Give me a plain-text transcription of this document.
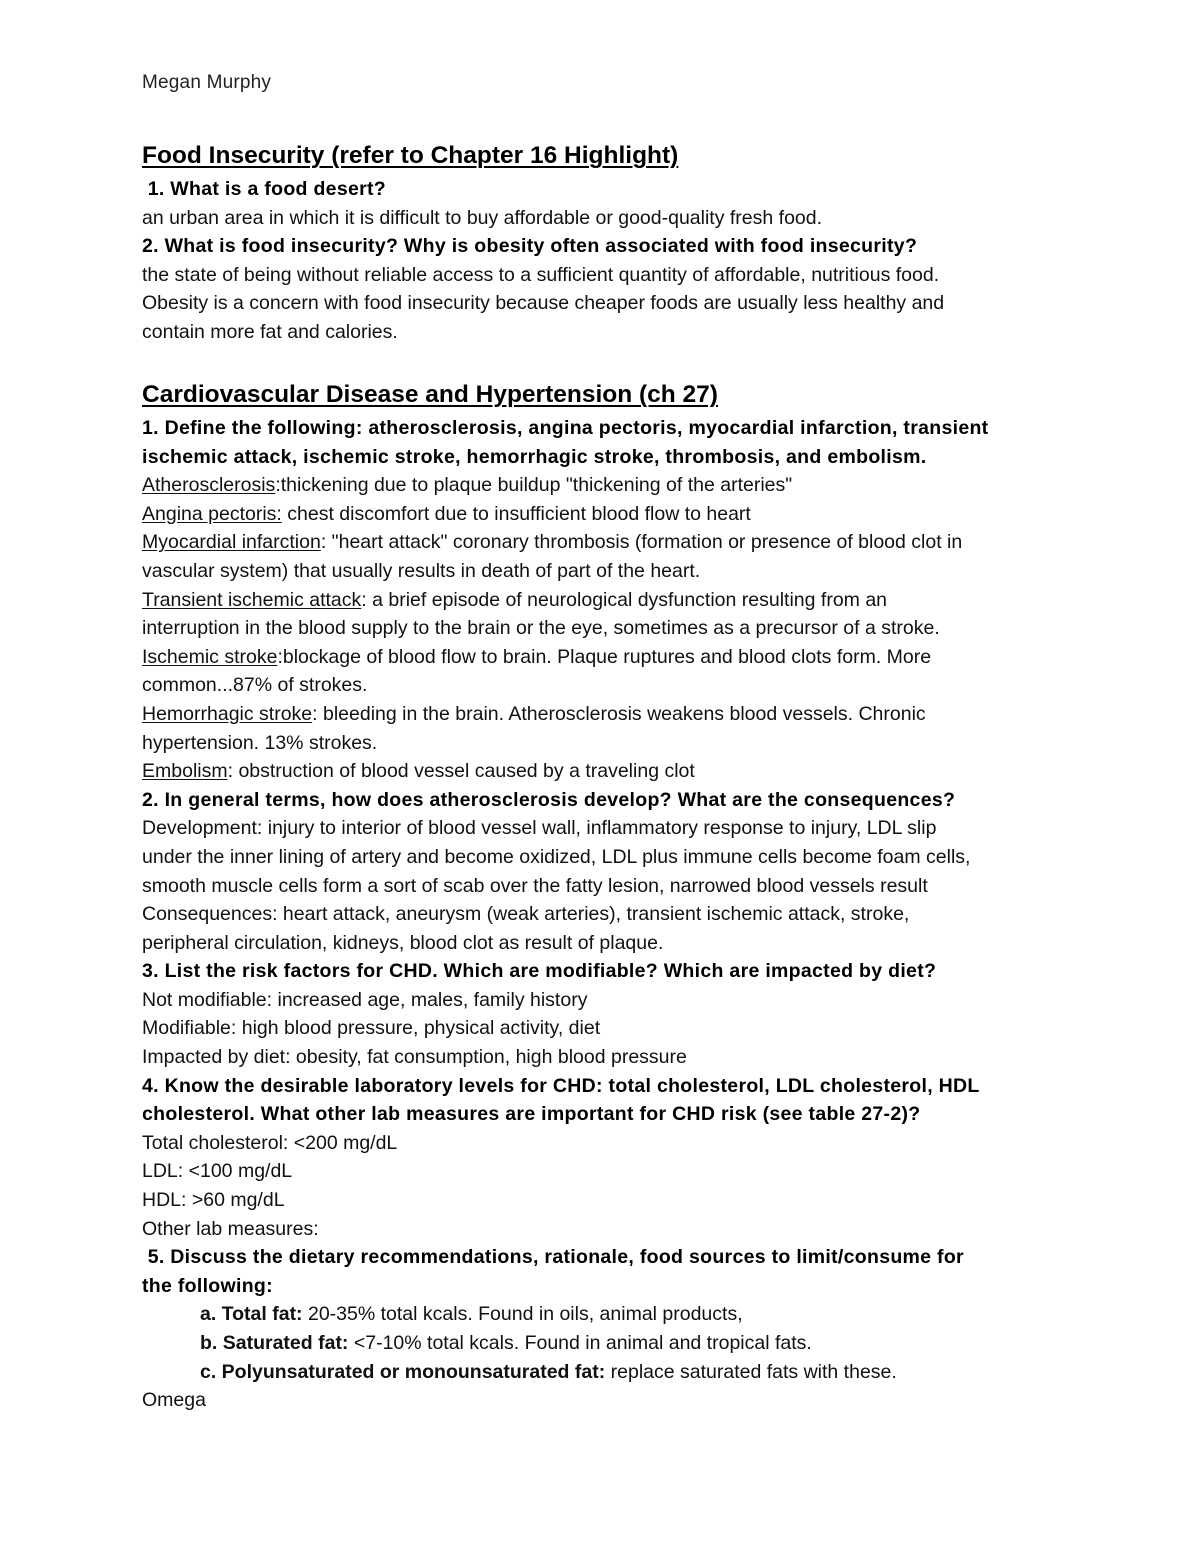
Megan Murphy
Food Insecurity (refer to Chapter 16 Highlight)
1. What is a food desert?
an urban area in which it is difficult to buy affordable or good-quality fresh food.
2. What is food insecurity? Why is obesity often associated with food insecurity?
the state of being without reliable access to a sufficient quantity of affordable, nutritious food.
Obesity is a concern with food insecurity because cheaper foods are usually less healthy and
contain more fat and calories.
Cardiovascular Disease and Hypertension (ch 27)
1. Define the following: atherosclerosis, angina pectoris, myocardial infarction, transient
ischemic attack, ischemic stroke, hemorrhagic stroke, thrombosis, and embolism.
Atherosclerosis:thickening due to plaque buildup "thickening of the arteries"
Angina pectoris: chest discomfort due to insufficient blood flow to heart
Myocardial infarction: "heart attack" coronary thrombosis (formation or presence of blood clot in
vascular system) that usually results in death of part of the heart.
Transient ischemic attack: a brief episode of neurological dysfunction resulting from an
interruption in the blood supply to the brain or the eye, sometimes as a precursor of a stroke.
Ischemic stroke:blockage of blood flow to brain. Plaque ruptures and blood clots form. More
common...87% of strokes.
Hemorrhagic stroke: bleeding in the brain. Atherosclerosis weakens blood vessels. Chronic
hypertension. 13% strokes.
Embolism: obstruction of blood vessel caused by a traveling clot
2. In general terms, how does atherosclerosis develop? What are the consequences?
Development: injury to interior of blood vessel wall, inflammatory response to injury, LDL slip
under the inner lining of artery and become oxidized, LDL plus immune cells become foam cells,
smooth muscle cells form a sort of scab over the fatty lesion, narrowed blood vessels result
Consequences: heart attack, aneurysm (weak arteries), transient ischemic attack, stroke,
peripheral circulation, kidneys, blood clot as result of plaque.
3. List the risk factors for CHD. Which are modifiable? Which are impacted by diet?
Not modifiable: increased age, males, family history
Modifiable: high blood pressure, physical activity, diet
Impacted by diet: obesity, fat consumption, high blood pressure
4. Know the desirable laboratory levels for CHD: total cholesterol, LDL cholesterol, HDL
cholesterol. What other lab measures are important for CHD risk (see table 27-2)?
Total cholesterol: <200 mg/dL
LDL: <100 mg/dL
HDL: >60 mg/dL
Other lab measures:
5. Discuss the dietary recommendations, rationale, food sources to limit/consume for
the following:
a. Total fat: 20-35% total kcals. Found in oils, animal products,
b. Saturated fat: <7-10% total kcals. Found in animal and tropical fats.
c. Polyunsaturated or monounsaturated fat: replace saturated fats with these.
Omega
